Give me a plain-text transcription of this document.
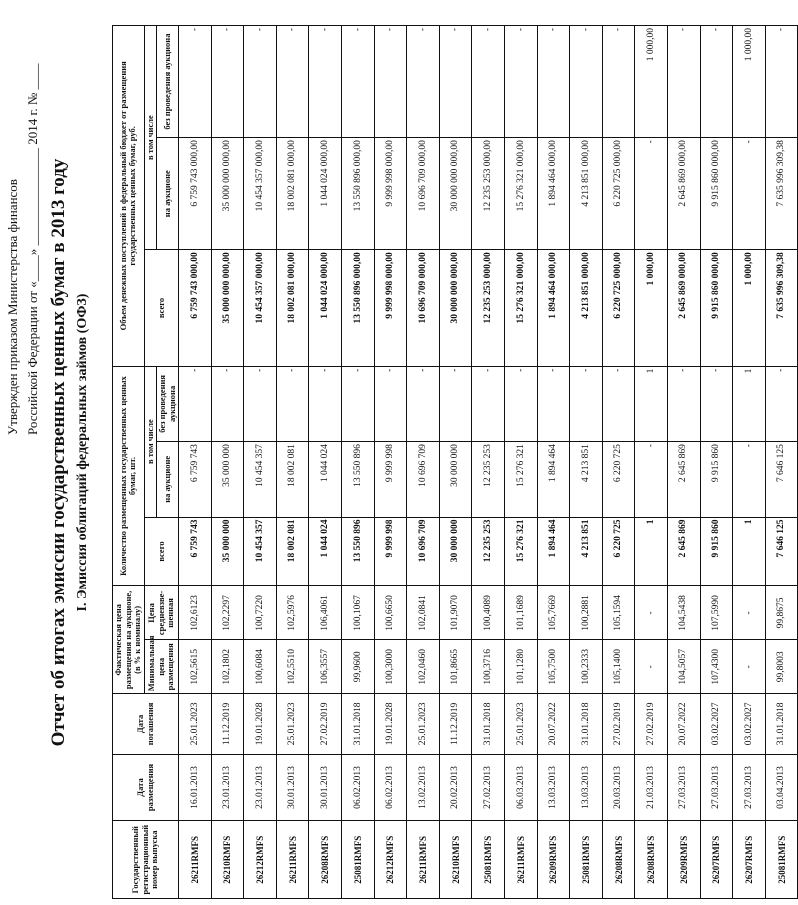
Утвержден приказом Министерства финансов Российской Федерации от «____» _______________ 2014 г. № ____ Отчет об итогах эмиссии государственных ценных бумаг в 2013 году I. Эмиссия облигаций федеральных займов (ОФЗ)
Государственный регистрационный номер выпуска	Дата размещения	Дата погашения	Фактическая цена размещения на аукционе, (в % к номиналу)		Количество размещенных государственных ценных бумаг, шт.			Объем денежных поступлений в федеральный бюджет от размещения государственных ценных бумаг, руб.		
			Минимальная цена размещения	Цена средневзве-шенная	всего	в том числе		всего	в том числе	
						на аукционе	без проведения аукциона		на аукционе	без проведения аукциона
26211RMFS	16.01.2013	25.01.2023	102,5615	102,6123	6 759 743	6 759 743	-	6 759 743 000,00	6 759 743 000,00	-
26210RMFS	23.01.2013	11.12.2019	102,1802	102,2297	35 000 000	35 000 000	-	35 000 000 000,00	35 000 000 000,00	-
26212RMFS	23.01.2013	19.01.2028	100,6084	100,7220	10 454 357	10 454 357	-	10 454 357 000,00	10 454 357 000,00	-
26211RMFS	30.01.2013	25.01.2023	102,5510	102,5976	18 002 081	18 002 081	-	18 002 081 000,00	18 002 081 000,00	-
26208RMFS	30.01.2013	27.02.2019	106,3557	106,4061	1 044 024	1 044 024	-	1 044 024 000,00	1 044 024 000,00	-
25081RMFS	06.02.2013	31.01.2018	99,9600	100,1067	13 550 896	13 550 896	-	13 550 896 000,00	13 550 896 000,00	-
26212RMFS	06.02.2013	19.01.2028	100,3000	100,6650	9 999 998	9 999 998	-	9 999 998 000,00	9 999 998 000,00	-
26211RMFS	13.02.2013	25.01.2023	102,0460	102,0841	10 696 709	10 696 709	-	10 696 709 000,00	10 696 709 000,00	-
26210RMFS	20.02.2013	11.12.2019	101,8665	101,9070	30 000 000	30 000 000	-	30 000 000 000,00	30 000 000 000,00	-
25081RMFS	27.02.2013	31.01.2018	100,3716	100,4089	12 235 253	12 235 253	-	12 235 253 000,00	12 235 253 000,00	-
26211RMFS	06.03.2013	25.01.2023	101,1280	101,1689	15 276 321	15 276 321	-	15 276 321 000,00	15 276 321 000,00	-
26209RMFS	13.03.2013	20.07.2022	105,7500	105,7669	1 894 464	1 894 464	-	1 894 464 000,00	1 894 464 000,00	-
25081RMFS	13.03.2013	31.01.2018	100,2333	100,2881	4 213 851	4 213 851	-	4 213 851 000,00	4 213 851 000,00	-
26208RMFS	20.03.2013	27.02.2019	105,1400	105,1594	6 220 725	6 220 725	-	6 220 725 000,00	6 220 725 000,00	-
26208RMFS	21.03.2013	27.02.2019	-	-	1	-	1	1 000,00	-	1 000,00
26209RMFS	27.03.2013	20.07.2022	104,5057	104,5438	2 645 869	2 645 869	-	2 645 869 000,00	2 645 869 000,00	-
26207RMFS	27.03.2013	03.02.2027	107,4300	107,5990	9 915 860	9 915 860	-	9 915 860 000,00	9 915 860 000,00	-
26207RMFS	27.03.2013	03.02.2027	-	-	1	-	1	1 000,00	-	1 000,00
25081RMFS	03.04.2013	31.01.2018	99,8003	99,8675	7 646 125	7 646 125	-	7 635 996 309,38	7 635 996 309,38	-
